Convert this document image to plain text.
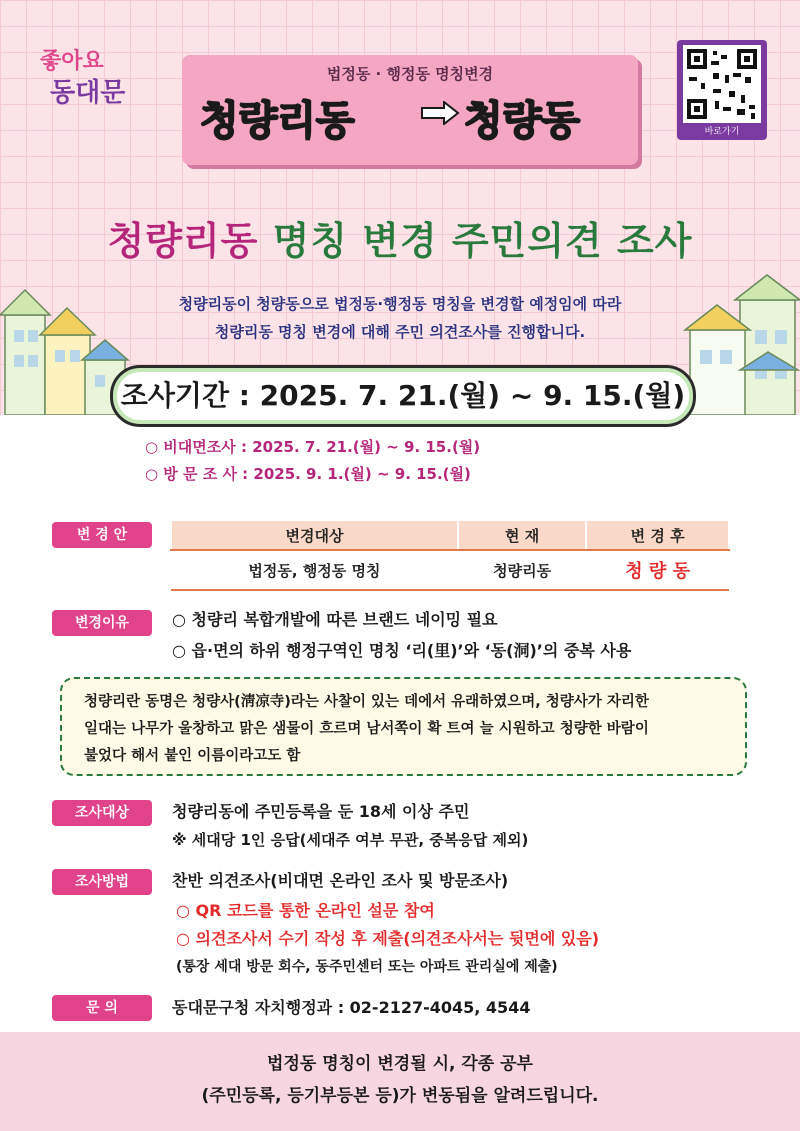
좋아요
동대문
바로가기
법정동 · 행정동 명칭변경
청량리동	청량동
청량리동 명칭 변경 주민의견 조사
청량리동이 청량동으로 법정동·행정동 명칭을 변경할 예정임에 따라
청량리동 명칭 변경에 대해 주민 의견조사를 진행합니다.
조사기간 : 2025. 7. 21.(월) ~ 9. 15.(월)
○ 비대면조사 : 2025. 7. 21.(월) ~ 9. 15.(월)
○ 방 문 조 사 : 2025. 9. 1.(월) ~ 9. 15.(월)
변 경 안	변경대상	현 재	변 경 후
법정동, 행정동 명칭	청량리동	청 량 동
변경이유	○ 청량리 복합개발에 따른 브랜드 네이밍 필요
○ 읍·면의 하위 행정구역인 명칭 ‘리(里)’와 ‘동(洞)’의 중복 사용

청량리란 동명은 청량사(淸凉寺)라는 사찰이 있는 데에서 유래하였으며, 청량사가 자리한
일대는 나무가 울창하고 맑은 샘물이 흐르며 남서쪽이 확 트여 늘 시원하고 청량한 바람이
불었다 해서 붙인 이름이라고도 함

조사대상	청량리동에 주민등록을 둔 18세 이상 주민
※ 세대당 1인 응답(세대주 여부 무관, 중복응답 제외)
조사방법	찬반 의견조사(비대면 온라인 조사 및 방문조사)
○ QR 코드를 통한 온라인 설문 참여
○ 의견조사서 수기 작성 후 제출(의견조사서는 뒷면에 있음)
(통장 세대 방문 회수, 동주민센터 또는 아파트 관리실에 제출)
문 의	동대문구청 자치행정과 : 02-2127-4045, 4544
법정동 명칭이 변경될 시, 각종 공부
(주민등록, 등기부등본 등)가 변동됨을 알려드립니다.
